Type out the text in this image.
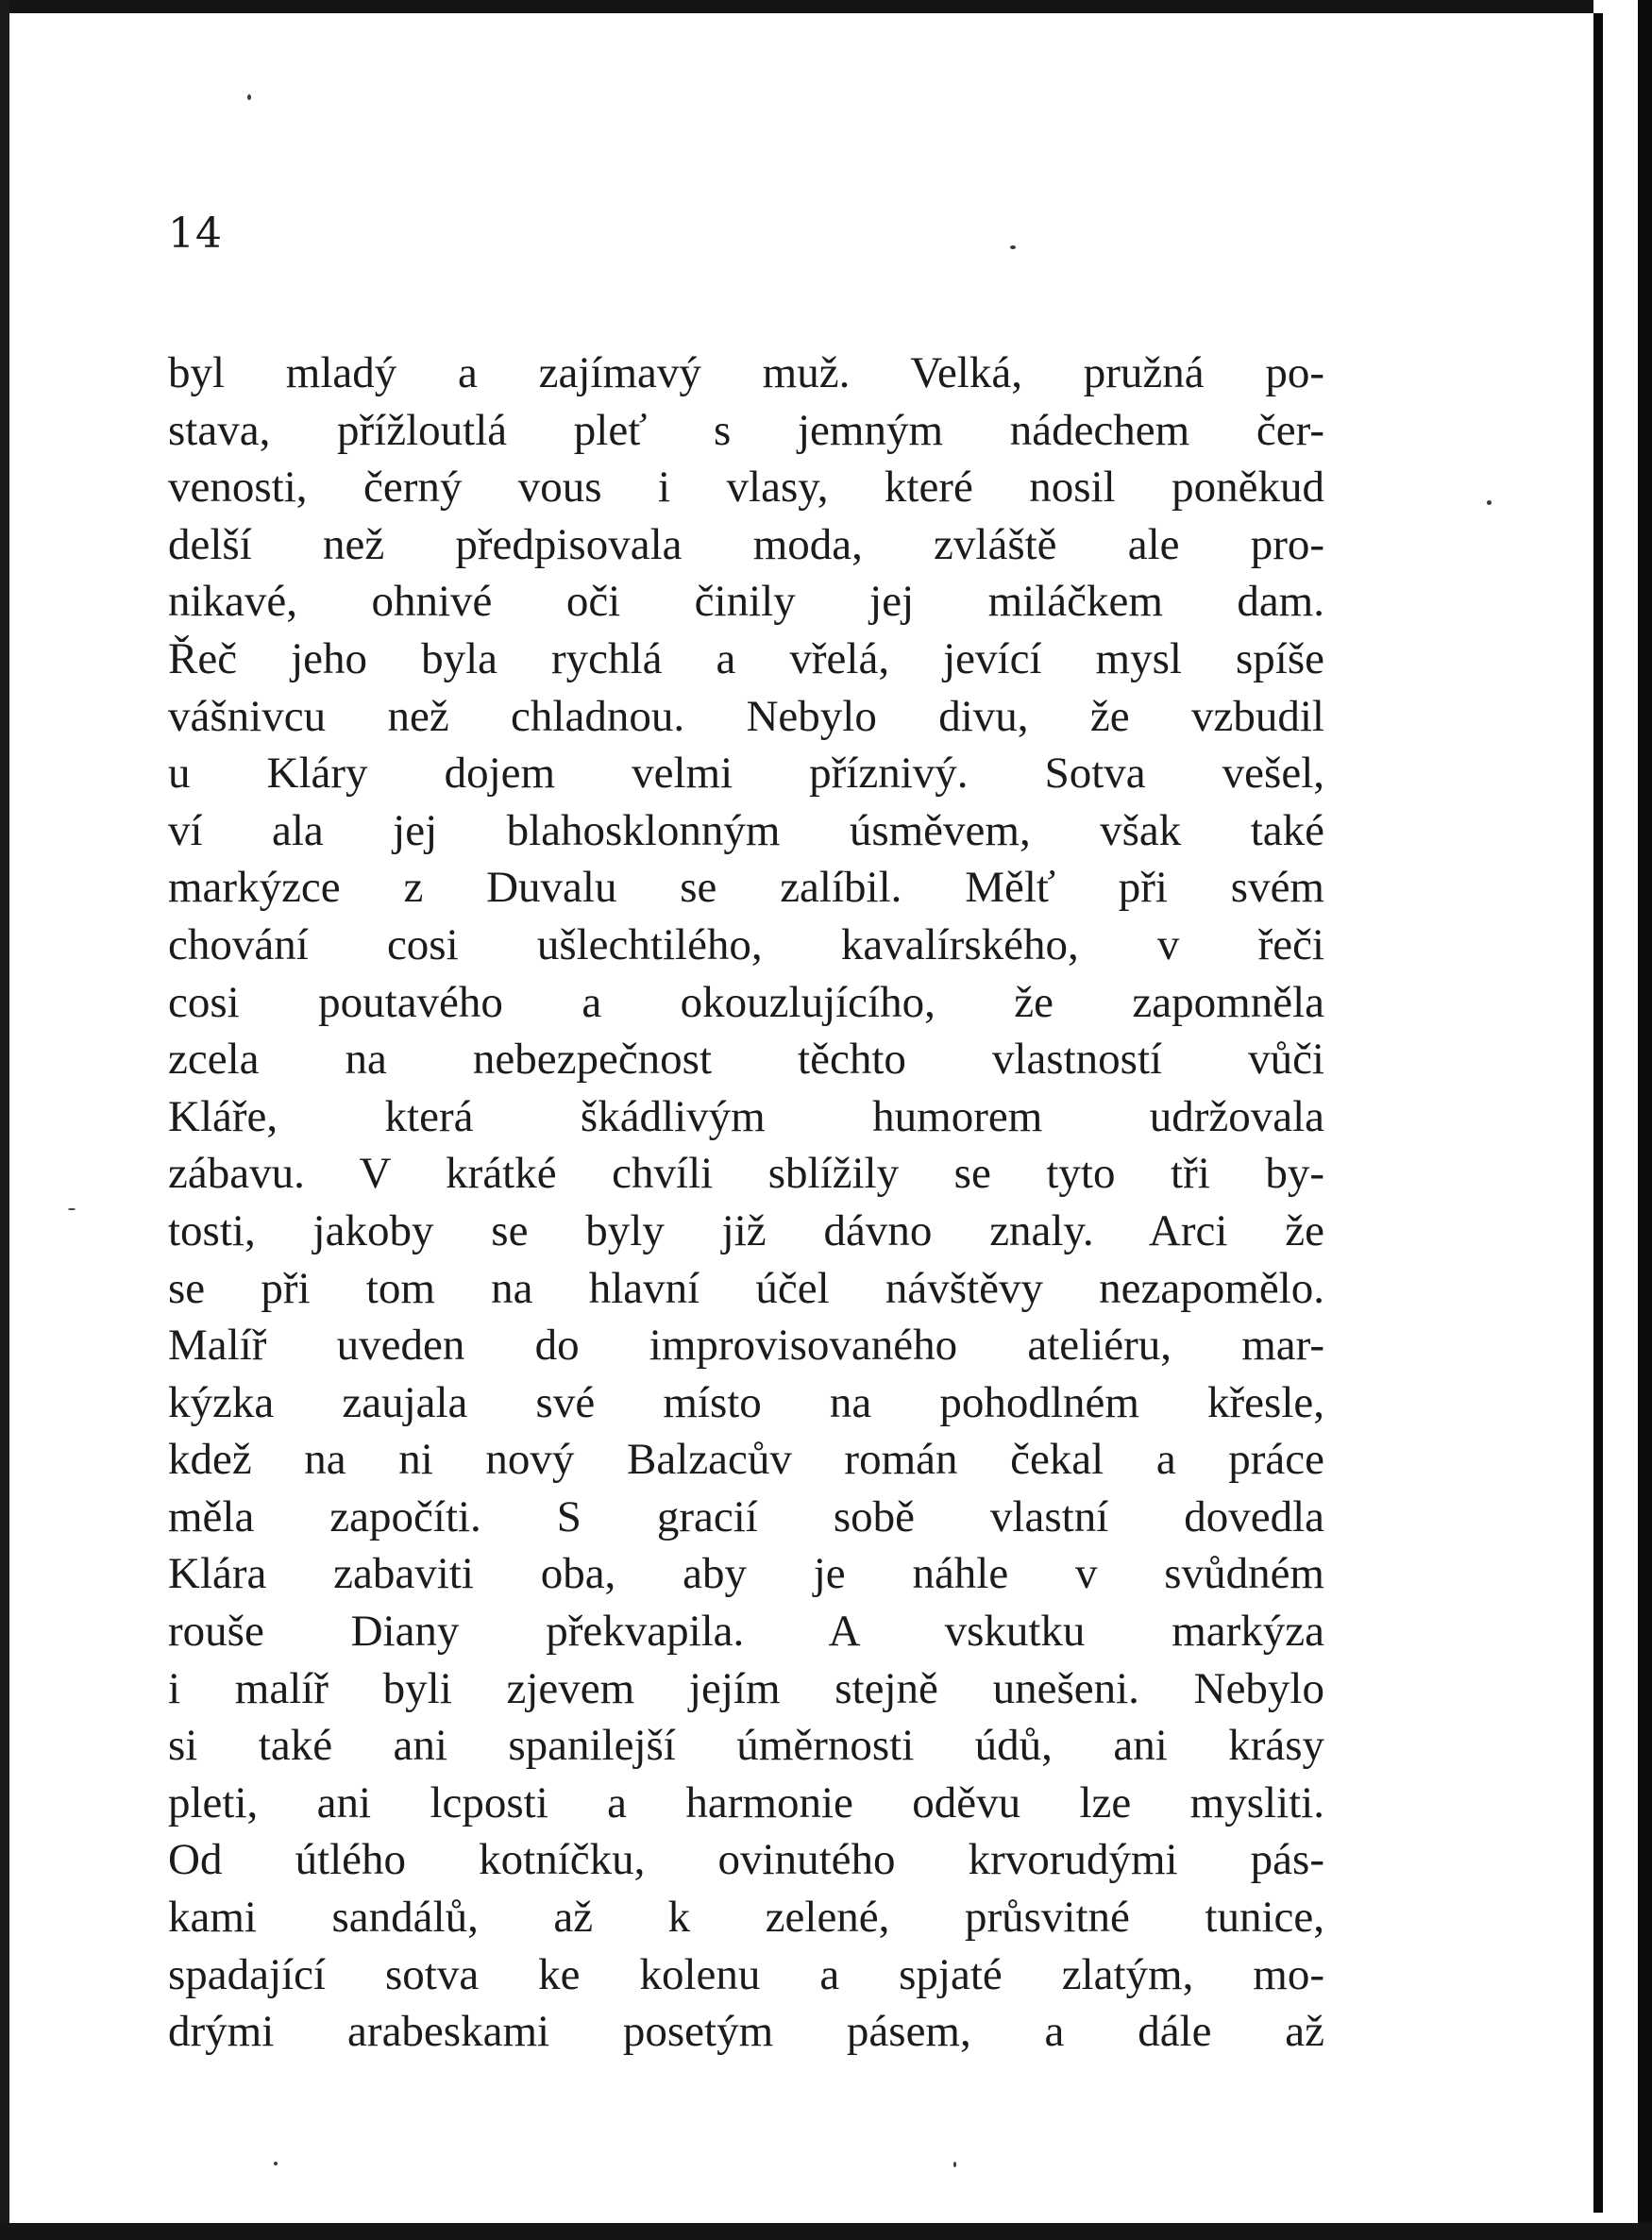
14
byl mladý a zajímavý muž. Velká, pružná po-
stava, přížloutlá pleť s jemným nádechem čer-
venosti, černý vous i vlasy, které nosil poněkud
delší než předpisovala moda, zvláště ale pro-
nikavé, ohnivé oči činily jej miláčkem dam.
Řeč jeho byla rychlá a vřelá, jevící mysl spíše
vášnivcu než chladnou. Nebylo divu, že vzbudil
u Kláry dojem velmi příznivý. Sotva vešel,
ví ala jej blahosklonným úsměvem, však také
markýzce z Duvalu se zalíbil. Mělť při svém
chování cosi ušlechtilého, kavalírského, v řeči
cosi poutavého a okouzlujícího, že zapomněla
zcela na nebezpečnost těchto vlastností vůči
Kláře, která škádlivým humorem udržovala
zábavu. V krátké chvíli sblížily se tyto tři by-
tosti, jakoby se byly již dávno znaly. Arci že
se při tom na hlavní účel návštěvy nezapomělo.
Malíř uveden do improvisovaného ateliéru, mar-
kýzka zaujala své místo na pohodlném křesle,
kdež na ni nový Balzacův román čekal a práce
měla započíti. S gracií sobě vlastní dovedla
Klára zabaviti oba, aby je náhle v svůdném
rouše Diany překvapila. A vskutku markýza
i malíř byli zjevem jejím stejně unešeni. Nebylo
si také ani spanilejší úměrnosti údů, ani krásy
pleti, ani lcposti a harmonie oděvu lze mysliti.
Od útlého kotníčku, ovinutého krvorudými pás-
kami sandálů, až k zelené, průsvitné tunice,
spadající sotva ke kolenu a spjaté zlatým, mo-
drými arabeskami posetým pásem, a dále až
